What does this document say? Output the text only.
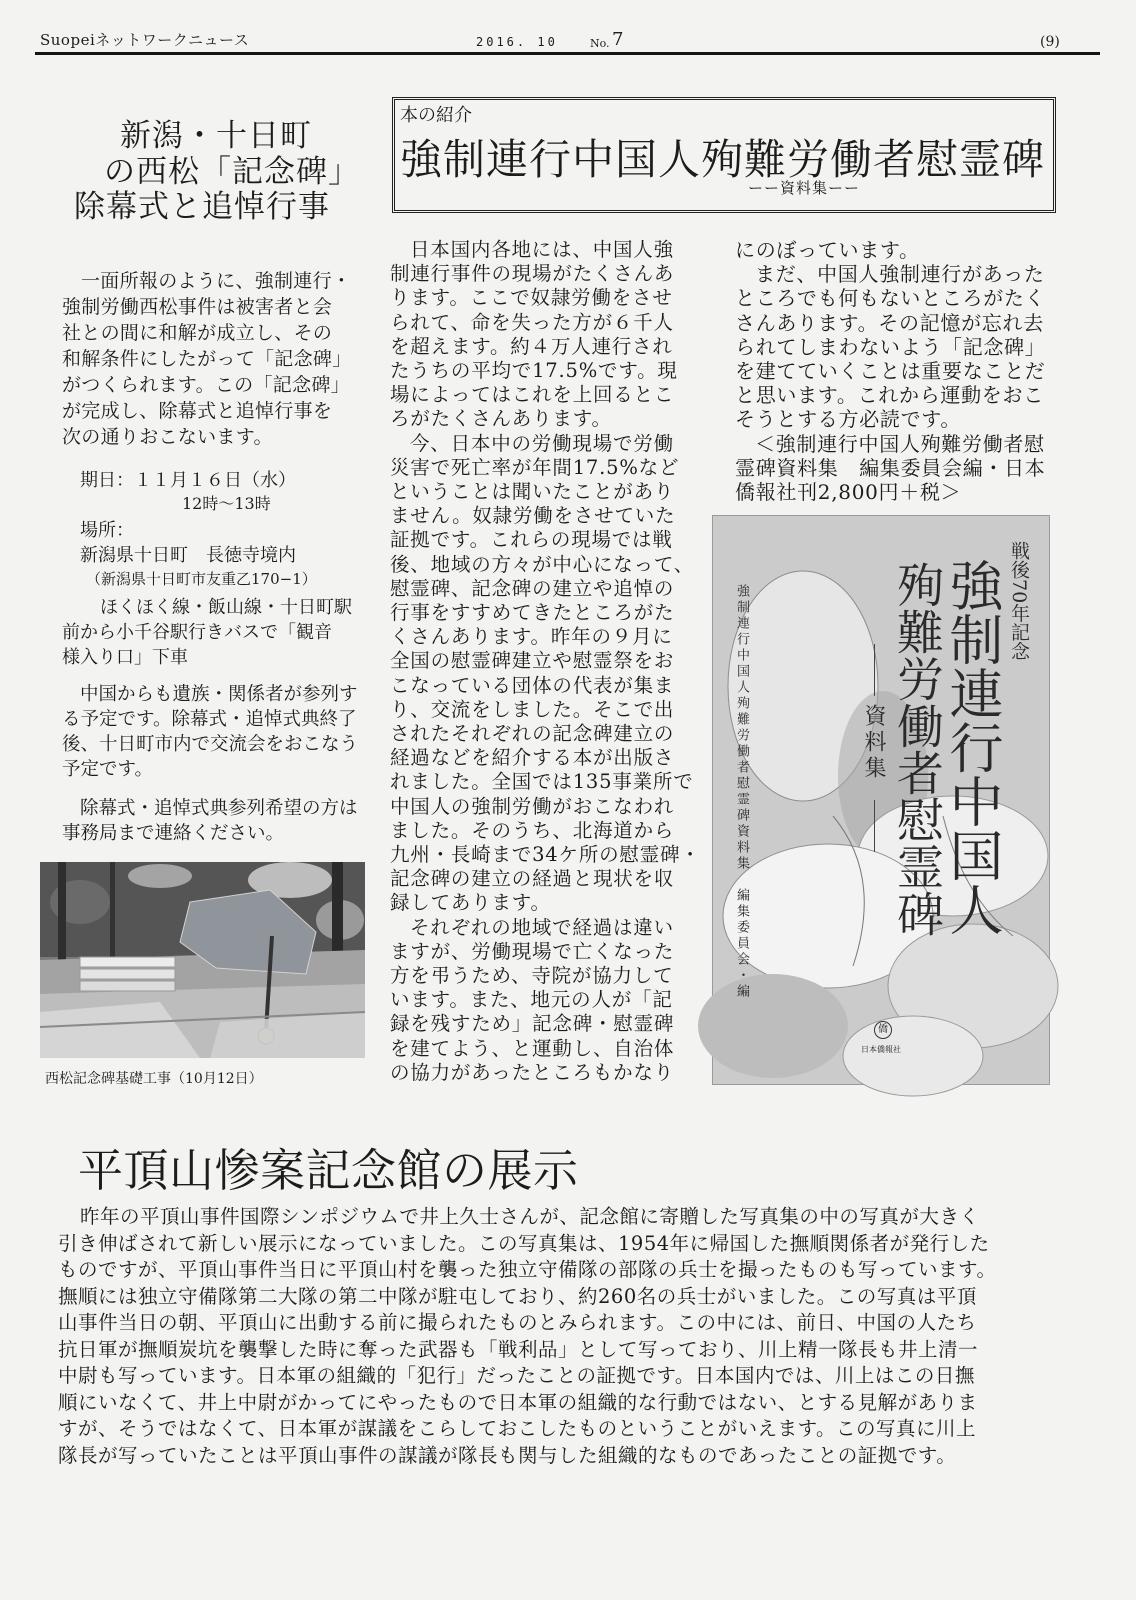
Suopeiネットワークニュース	2016. 10	No. 7	(9)
新潟・十日町
の西松「記念碑」
除幕式と追悼行事
一面所報のように、強制連行・
強制労働西松事件は被害者と会
社との間に和解が成立し、その
和解条件にしたがって「記念碑」
がつくられます。この「記念碑」
が完成し、除幕式と追悼行事を
次の通りおこないます。
期日：１１月１６日（水）
12時～13時
場所：
新潟県十日町　長徳寺境内
（新潟県十日町市友重乙170−1）
ほくほく線・飯山線・十日町駅
前から小千谷駅行きバスで「観音
様入り口」下車
中国からも遺族・関係者が参列す
る予定です。除幕式・追悼式典終了
後、十日町市内で交流会をおこなう
予定です。
除幕式・追悼式典参列希望の方は
事務局まで連絡ください。
西松記念碑基礎工事（10月12日）
本の紹介
強制連行中国人殉難労働者慰霊碑
ーー資料集ーー
日本国内各地には、中国人強
制連行事件の現場がたくさんあ
ります。ここで奴隷労働をさせ
られて、命を失った方が６千人
を超えます。約４万人連行され
たうちの平均で17.5%です。現
場によってはこれを上回るとこ
ろがたくさんあります。
今、日本中の労働現場で労働
災害で死亡率が年間17.5%など
ということは聞いたことがあり
ません。奴隷労働をさせていた
証拠です。これらの現場では戦
後、地域の方々が中心になって、
慰霊碑、記念碑の建立や追悼の
行事をすすめてきたところがた
くさんあります。昨年の９月に
全国の慰霊碑建立や慰霊祭をお
こなっている団体の代表が集ま
り、交流をしました。そこで出
されたそれぞれの記念碑建立の
経過などを紹介する本が出版さ
れました。全国では135事業所で
中国人の強制労働がおこなわれ
ました。そのうち、北海道から
九州・長崎まで34ケ所の慰霊碑・
記念碑の建立の経過と現状を収
録してあります。
それぞれの地域で経過は違い
ますが、労働現場で亡くなった
方を弔うため、寺院が協力して
います。また、地元の人が「記
録を残すため」記念碑・慰霊碑
を建てよう、と運動し、自治体
の協力があったところもかなり
にのぼっています。
まだ、中国人強制連行があった
ところでも何もないところがたく
さんあります。その記憶が忘れ去
られてしまわないよう「記念碑」
を建てていくことは重要なことだ
と思います。これから運動をおこ
そうとする方必読です。
＜強制連行中国人殉難労働者慰
霊碑資料集　編集委員会編・日本
僑報社刊2,800円＋税＞
戦後70年記念
強制連行中国人
殉難労働者慰霊碑
資料集
強制連行中国人殉難労働者慰霊碑資料集　編集委員会・編
僑
日本僑報社
平頂山惨案記念館の展示
昨年の平頂山事件国際シンポジウムで井上久士さんが、記念館に寄贈した写真集の中の写真が大きく
引き伸ばされて新しい展示になっていました。この写真集は、1954年に帰国した撫順関係者が発行した
ものですが、平頂山事件当日に平頂山村を襲った独立守備隊の部隊の兵士を撮ったものも写っています。
撫順には独立守備隊第二大隊の第二中隊が駐屯しており、約260名の兵士がいました。この写真は平頂
山事件当日の朝、平頂山に出動する前に撮られたものとみられます。この中には、前日、中国の人たち
抗日軍が撫順炭坑を襲撃した時に奪った武器も「戦利品」として写っており、川上精一隊長も井上清一
中尉も写っています。日本軍の組織的「犯行」だったことの証拠です。日本国内では、川上はこの日撫
順にいなくて、井上中尉がかってにやったもので日本軍の組織的な行動ではない、とする見解がありま
すが、そうではなくて、日本軍が謀議をこらしておこしたものということがいえます。この写真に川上
隊長が写っていたことは平頂山事件の謀議が隊長も関与した組織的なものであったことの証拠です。
